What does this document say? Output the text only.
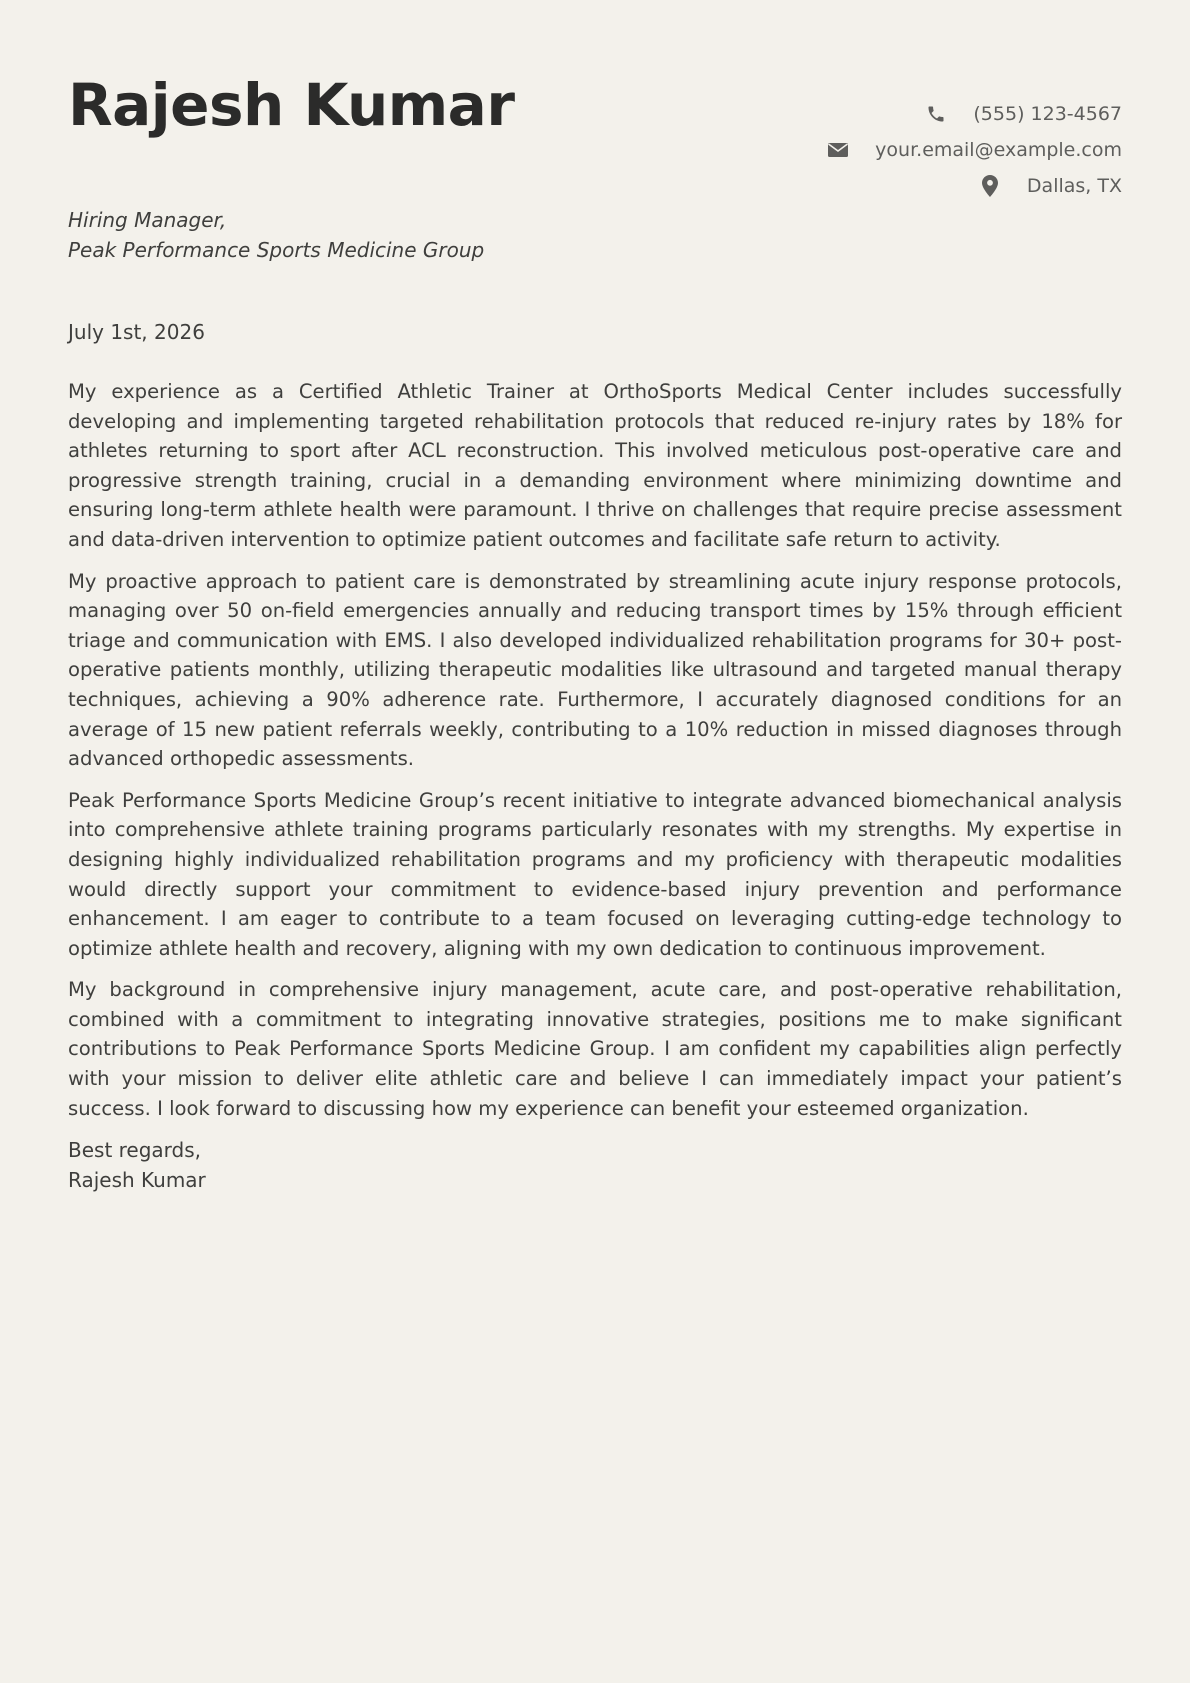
Rajesh Kumar	(555) 123-4567
your.email@example.com
Dallas, TX

Hiring Manager,
Peak Performance Sports Medicine Group

July 1st, 2026

My experience as a Certified Athletic Trainer at OrthoSports Medical Center includes successfully developing and implementing targeted rehabilitation protocols that reduced re-injury rates by 18% for athletes returning to sport after ACL reconstruction. This involved meticulous post-operative care and progressive strength training, crucial in a demanding environment where minimizing downtime and ensuring long-term athlete health were paramount. I thrive on challenges that require precise assessment and data-driven intervention to optimize patient outcomes and facilitate safe return to activity.

My proactive approach to patient care is demonstrated by streamlining acute injury response protocols, managing over 50 on-field emergencies annually and reducing transport times by 15% through efficient triage and communication with EMS. I also developed individualized rehabilitation programs for 30+ post-operative patients monthly, utilizing therapeutic modalities like ultrasound and targeted manual therapy techniques, achieving a 90% adherence rate. Furthermore, I accurately diagnosed conditions for an average of 15 new patient referrals weekly, contributing to a 10% reduction in missed diagnoses through advanced orthopedic assessments.

Peak Performance Sports Medicine Group’s recent initiative to integrate advanced biomechanical analysis into comprehensive athlete training programs particularly resonates with my strengths. My expertise in designing highly individualized rehabilitation programs and my proficiency with therapeutic modalities would directly support your commitment to evidence-based injury prevention and performance enhancement. I am eager to contribute to a team focused on leveraging cutting-edge technology to optimize athlete health and recovery, aligning with my own dedication to continuous improvement.

My background in comprehensive injury management, acute care, and post-operative rehabilitation, combined with a commitment to integrating innovative strategies, positions me to make significant contributions to Peak Performance Sports Medicine Group. I am confident my capabilities align perfectly with your mission to deliver elite athletic care and believe I can immediately impact your patient’s success. I look forward to discussing how my experience can benefit your esteemed organization.

Best regards,
Rajesh Kumar
